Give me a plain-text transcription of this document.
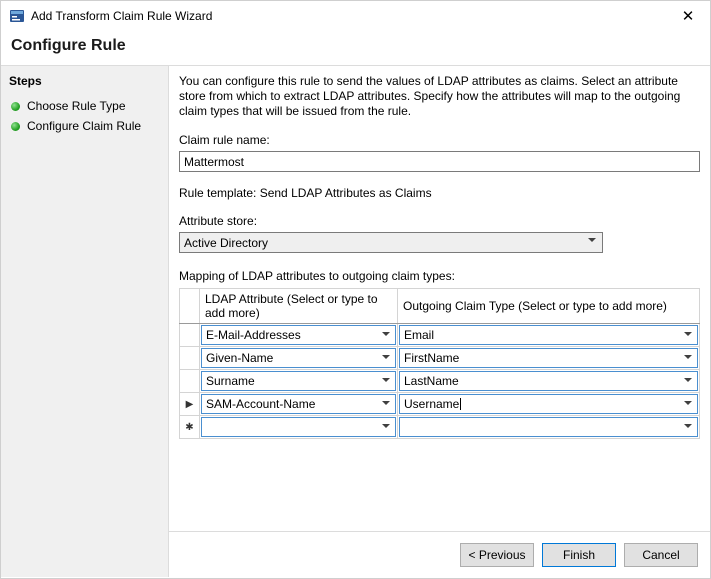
Add Transform Claim Rule Wizard	✕
Configure Rule
Steps
Choose Rule Type
Configure Claim Rule
You can configure this rule to send the values of LDAP attributes as claims. Select an attribute store from which to extract LDAP attributes. Specify how the attributes will map to the outgoing claim types that will be issued from the rule.
Claim rule name:
Mattermost
Rule template: Send LDAP Attributes as Claims
Attribute store:
Active Directory
Mapping of LDAP attributes to outgoing claim types:
	LDAP Attribute (Select or type to add more)	Outgoing Claim Type (Select or type to add more)

	E-Mail-Addresses	Email

	Given-Name	FirstName

	Surname	LastName

▶	SAM-Account-Name	Username

✱	

< Previous	Finish	Cancel
